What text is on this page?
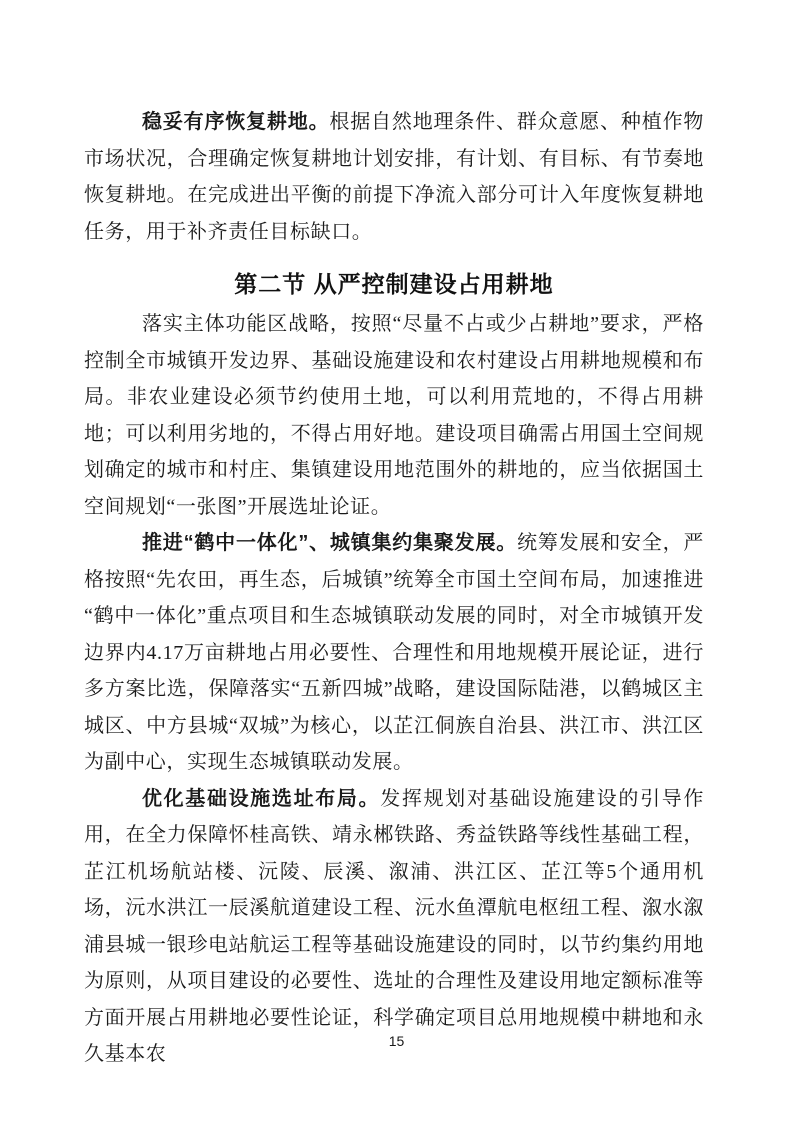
稳妥有序恢复耕地。根据自然地理条件、群众意愿、种植作物市场状况，合理确定恢复耕地计划安排，有计划、有目标、有节奏地恢复耕地。在完成进出平衡的前提下净流入部分可计入年度恢复耕地任务，用于补齐责任目标缺口。

第二节 从严控制建设占用耕地

落实主体功能区战略，按照“尽量不占或少占耕地”要求，严格控制全市城镇开发边界、基础设施建设和农村建设占用耕地规模和布局。非农业建设必须节约使用土地，可以利用荒地的，不得占用耕地；可以利用劣地的，不得占用好地。建设项目确需占用国土空间规划确定的城市和村庄、集镇建设用地范围外的耕地的，应当依据国土空间规划“一张图”开展选址论证。

推进“鹤中一体化”、城镇集约集聚发展。统筹发展和安全，严格按照“先农田，再生态，后城镇”统筹全市国土空间布局，加速推进“鹤中一体化”重点项目和生态城镇联动发展的同时，对全市城镇开发边界内4.17万亩耕地占用必要性、合理性和用地规模开展论证，进行多方案比选，保障落实“五新四城”战略，建设国际陆港，以鹤城区主城区、中方县城“双城”为核心，以芷江侗族自治县、洪江市、洪江区为副中心，实现生态城镇联动发展。

优化基础设施选址布局。发挥规划对基础设施建设的引导作用，在全力保障怀桂高铁、靖永郴铁路、秀益铁路等线性基础工程，芷江机场航站楼、沅陵、辰溪、溆浦、洪江区、芷江等5个通用机场，沅水洪江一辰溪航道建设工程、沅水鱼潭航电枢纽工程、溆水溆浦县城一银珍电站航运工程等基础设施建设的同时，以节约集约用地为原则，从项目建设的必要性、选址的合理性及建设用地定额标准等方面开展占用耕地必要性论证，科学确定项目总用地规模中耕地和永久基本农

15
